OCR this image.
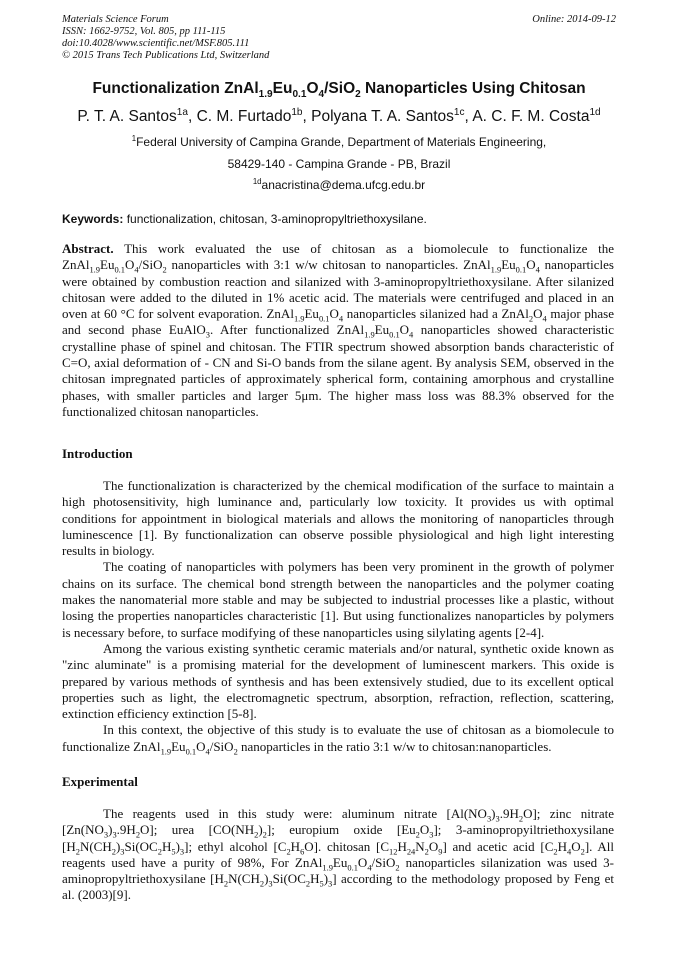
Materials Science Forum
ISSN: 1662-9752, Vol. 805, pp 111-115
doi:10.4028/www.scientific.net/MSF.805.111
© 2015 Trans Tech Publications Ltd, Switzerland
Online: 2014-09-12
Functionalization $ZnAl_{1.9}Eu_{0.1}O_4/SiO_2$ Nanoparticles Using Chitosan
P. T. A. Santos$^{1a}$, C. M. Furtado$^{1b}$, Polyana T. A. Santos$^{1c}$, A. C. F. M. Costa$^{1d}$
$^1$Federal University of Campina Grande, Department of Materials Engineering,
58429-140 - Campina Grande - PB, Brazil
$^{1d}$anacristina@dema.ufcg.edu.br
Keywords: functionalization, chitosan, 3-aminopropyltriethoxysilane.

Abstract. This work evaluated the use of chitosan as a biomolecule to functionalize the $ZnAl_{1.9}Eu_{0.1}O_4/SiO_2$ nanoparticles with 3:1 w/w chitosan to nanoparticles. $ZnAl_{1.9}Eu_{0.1}O_4$ nanoparticles were obtained by combustion reaction and silanized with 3-aminopropyltriethoxysilane. After silanized chitosan were added to the diluted in 1% acetic acid. The materials were centrifuged and placed in an oven at 60 °C for solvent evaporation. $ZnAl_{1.9}Eu_{0.1}O_4$ nanoparticles silanized had a $ZnAl_2O_4$ major phase and second phase EuAlO$_3$. After functionalized $ZnAl_{1.9}Eu_{0.1}O_4$ nanoparticles showed characteristic crystalline phase of spinel and chitosan. The FTIR spectrum showed absorption bands characteristic of C=O, axial deformation of - CN and Si-O bands from the silane agent. By analysis SEM, observed in the chitosan impregnated particles of approximately spherical form, containing amorphous and crystalline phases, with smaller particles and larger 5μm. The higher mass loss was 88.3% observed for the functionalized chitosan nanoparticles.

Introduction

The functionalization is characterized by the chemical modification of the surface to maintain a high photosensitivity, high luminance and, particularly low toxicity. It provides us with optimal conditions for appointment in biological materials and allows the monitoring of nanoparticles through luminescence [1]. By functionalization can observe possible physiological and high light interesting results in biology.

The coating of nanoparticles with polymers has been very prominent in the growth of polymer chains on its surface. The chemical bond strength between the nanoparticles and the polymer coating makes the nanomaterial more stable and may be subjected to industrial processes like a plastic, without losing the properties nanoparticles characteristic [1]. But using functionalizes nanoparticles by polymers is necessary before, to surface modifying of these nanoparticles using silylating agents [2-4].

Among the various existing synthetic ceramic materials and/or natural, synthetic oxide known as "zinc aluminate" is a promising material for the development of luminescent markers. This oxide is prepared by various methods of synthesis and has been extensively studied, due to its excellent optical properties such as light, the electromagnetic spectrum, absorption, refraction, reflection, scattering, extinction efficiency extinction [5-8].

In this context, the objective of this study is to evaluate the use of chitosan as a biomolecule to functionalize $ZnAl_{1.9}Eu_{0.1}O_4/SiO_2$ nanoparticles in the ratio 3:1 w/w to chitosan:nanoparticles.

Experimental

The reagents used in this study were: aluminum nitrate $[Al(NO_3)_3.9H_2O]$; zinc nitrate $[Zn(NO_3)_3.9H_2O]$; urea $[CO(NH_2)_2]$; europium oxide $[Eu_2O_3]$; 3-aminopropyiltriethoxysilane $[H_2N(CH_2)_3Si(OC_2H_5)_3]$; ethyl alcohol $[C_2H_6O]$. chitosan $[C_{12}H_{24}N_2O_9]$ and acetic acid $[C_2H_4O_2]$. All reagents used have a purity of 98%, For $ZnAl_{1.9}Eu_{0.1}O_4/SiO_2$ nanoparticles silanization was used 3-aminopropyltriethoxysilane $[H_2N(CH_2)_3Si(OC_2H_5)_3]$ according to the methodology proposed by Feng et al. (2003)[9].
